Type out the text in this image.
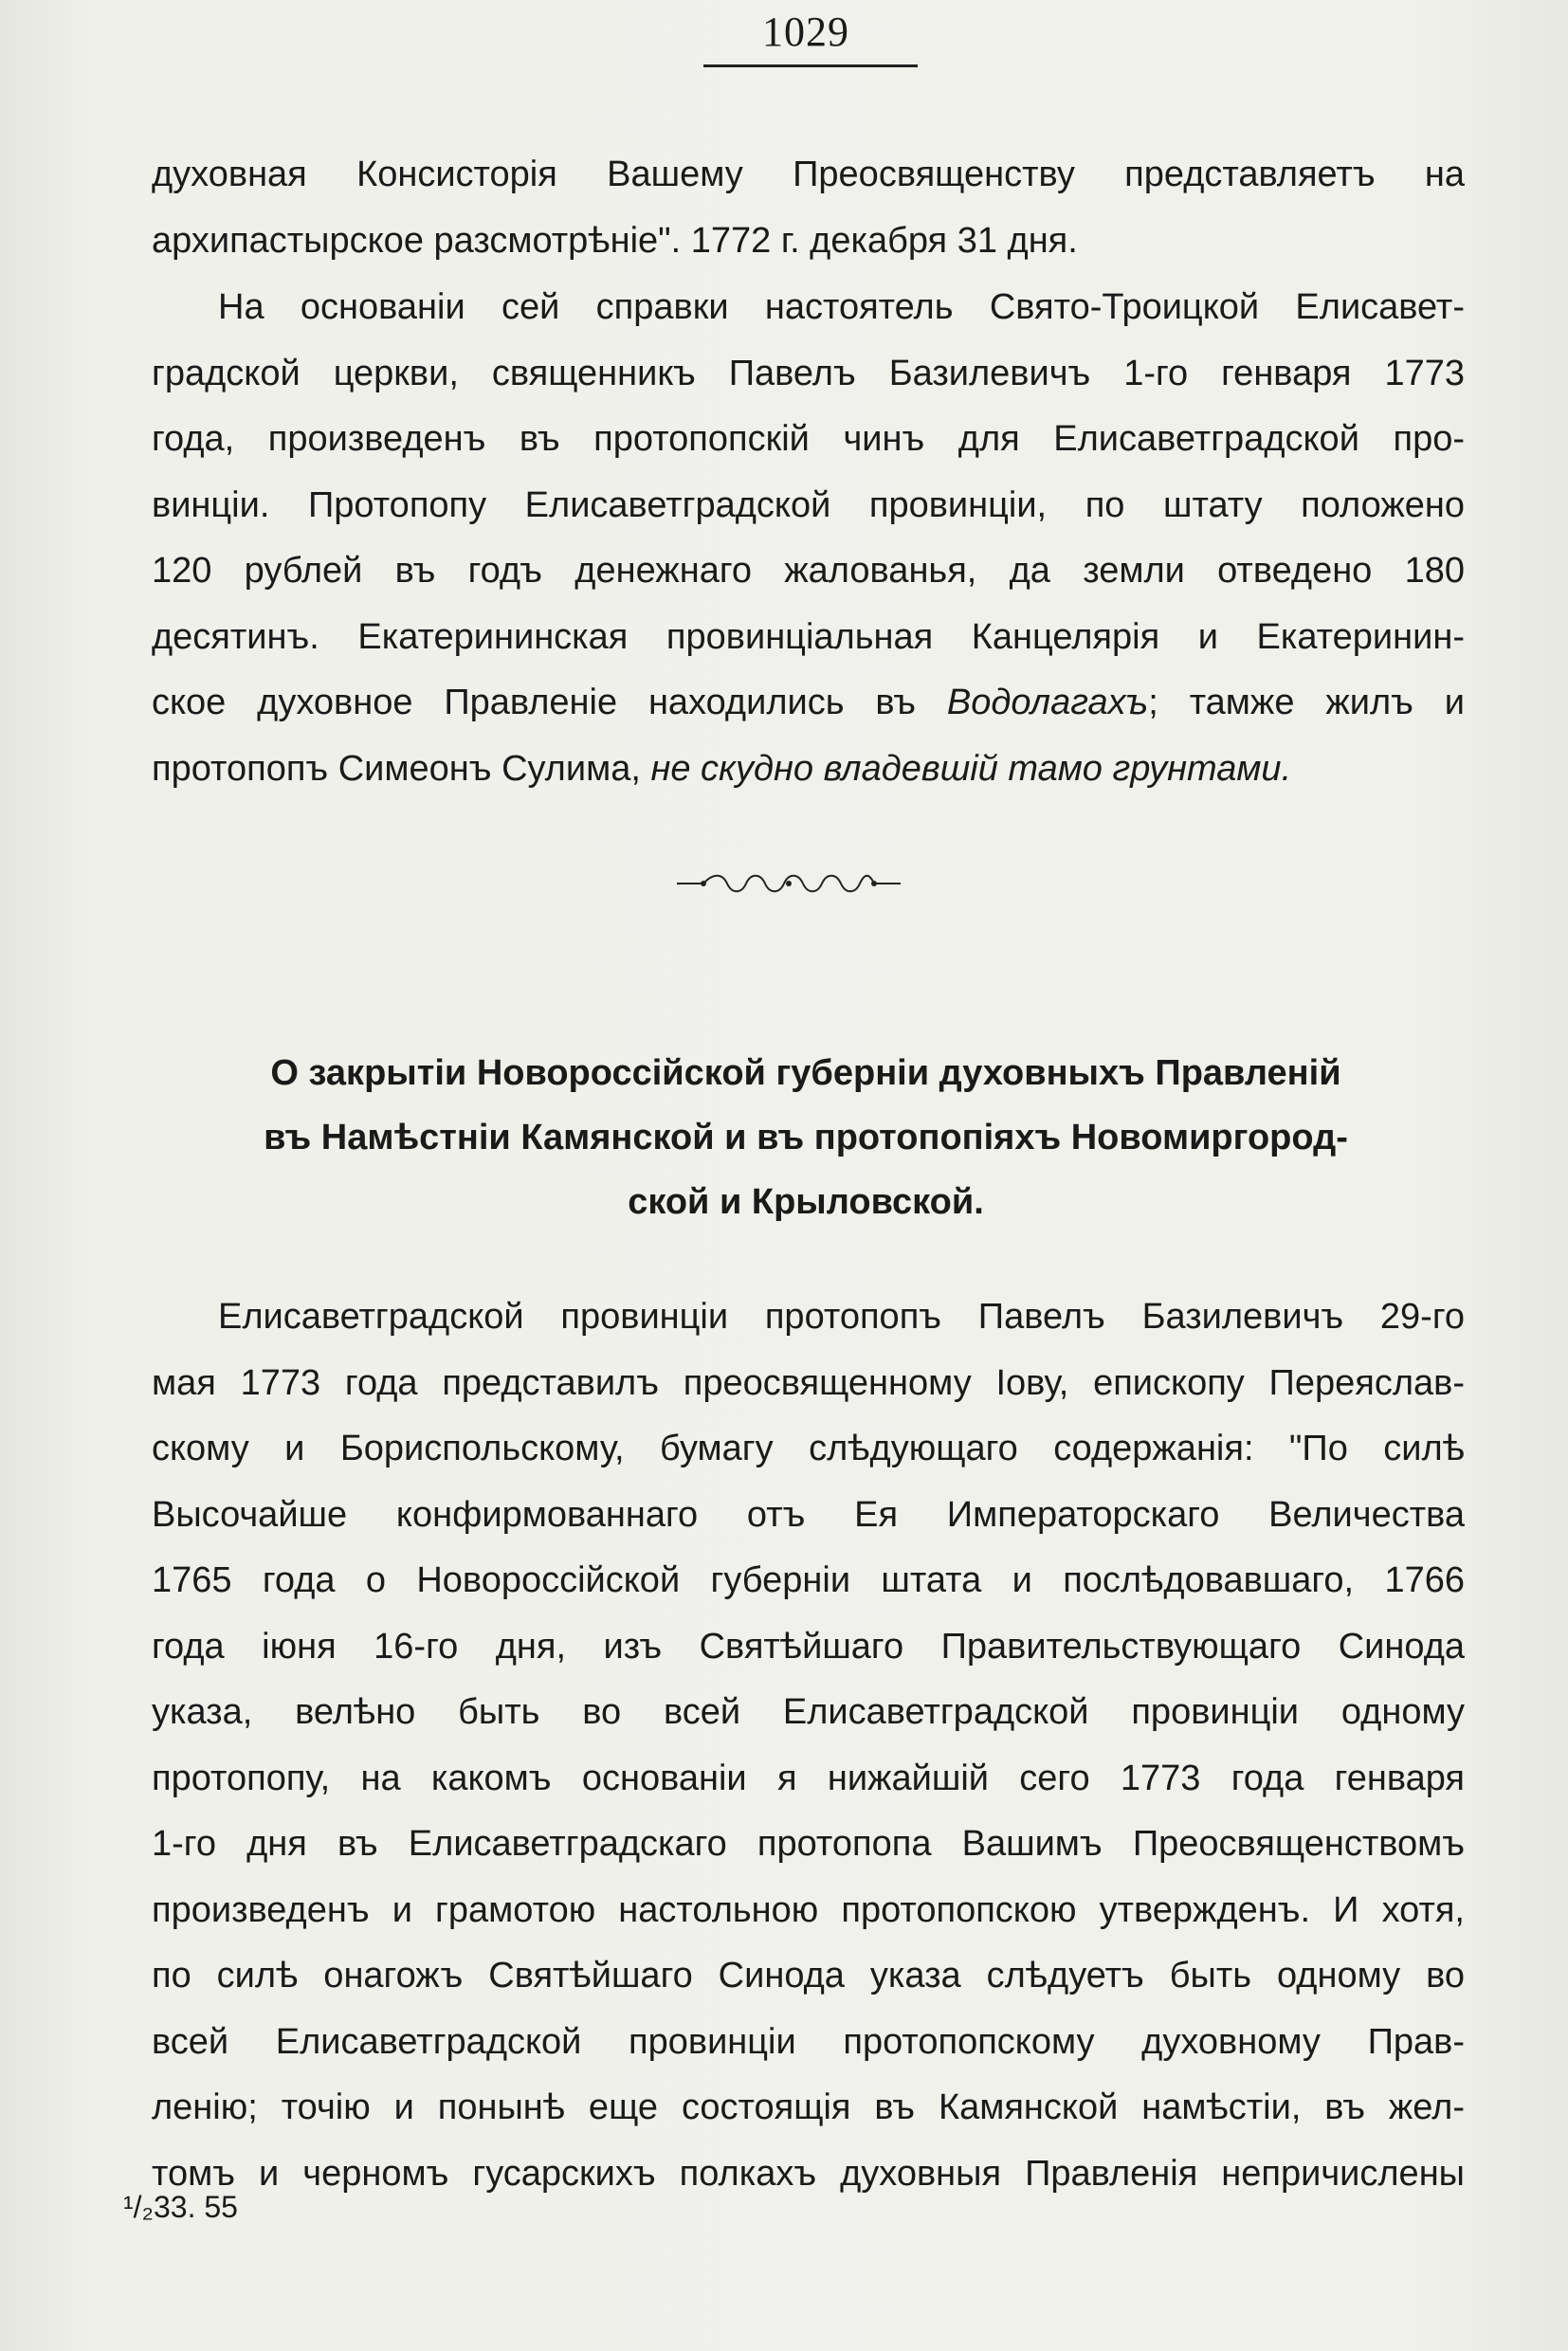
1029
духовная Консисторія Вашему Преосвященству представляетъ на
архипастырское разсмотрѣніе". 1772 г. декабря 31 дня.
На основаніи сей справки настоятель Свято-Троицкой Елисавет-
градской церкви, священникъ Павелъ Базилевичъ 1-го генваря 1773
года, произведенъ въ протопопскій чинъ для Елисаветградской про-
винціи. Протопопу Елисаветградской провинціи, по штату положено
120 рублей въ годъ денежнаго жалованья, да земли отведено 180
десятинъ. Екатерининская провинціальная Канцелярія и Екатеринин-
ское духовное Правленіе находились въ Водолагахъ; тамже жилъ и
протопопъ Симеонъ Сулима, не скудно владевшій тамо грунтами.
О закрытіи Новороссійской губерніи духовныхъ Правленій
въ Намѣстніи Камянской и въ протопопіяхъ Новомиргород-
ской и Крыловской.
Елисаветградской провинціи протопопъ Павелъ Базилевичъ 29-го
мая 1773 года представилъ преосвященному Іову, епископу Переяслав-
скому и Бориспольскому, бумагу слѣдующаго содержанія: "По силѣ
Высочайше конфирмованнаго отъ Ея Императорскаго Величества
1765 года о Новороссійской губерніи штата и послѣдовавшаго, 1766
года іюня 16-го дня, изъ Святѣйшаго Правительствующаго Синода
указа, велѣно быть во всей Елисаветградской провинціи одному
протопопу, на какомъ основаніи я нижайшій сего 1773 года генваря
1-го дня въ Елисаветградскаго протопопа Вашимъ Преосвященствомъ
произведенъ и грамотою настольною протопопскою утвержденъ. И хотя,
по силѣ онагожъ Святѣйшаго Синода указа слѣдуетъ быть одному во
всей Елисаветградской провинціи протопопскому духовному Прав-
ленію; точію и понынѣ еще состоящія въ Камянской намѣстіи, въ жел-
томъ и черномъ гусарскихъ полкахъ духовныя Правленія непричислены
¹/₂33. 55
